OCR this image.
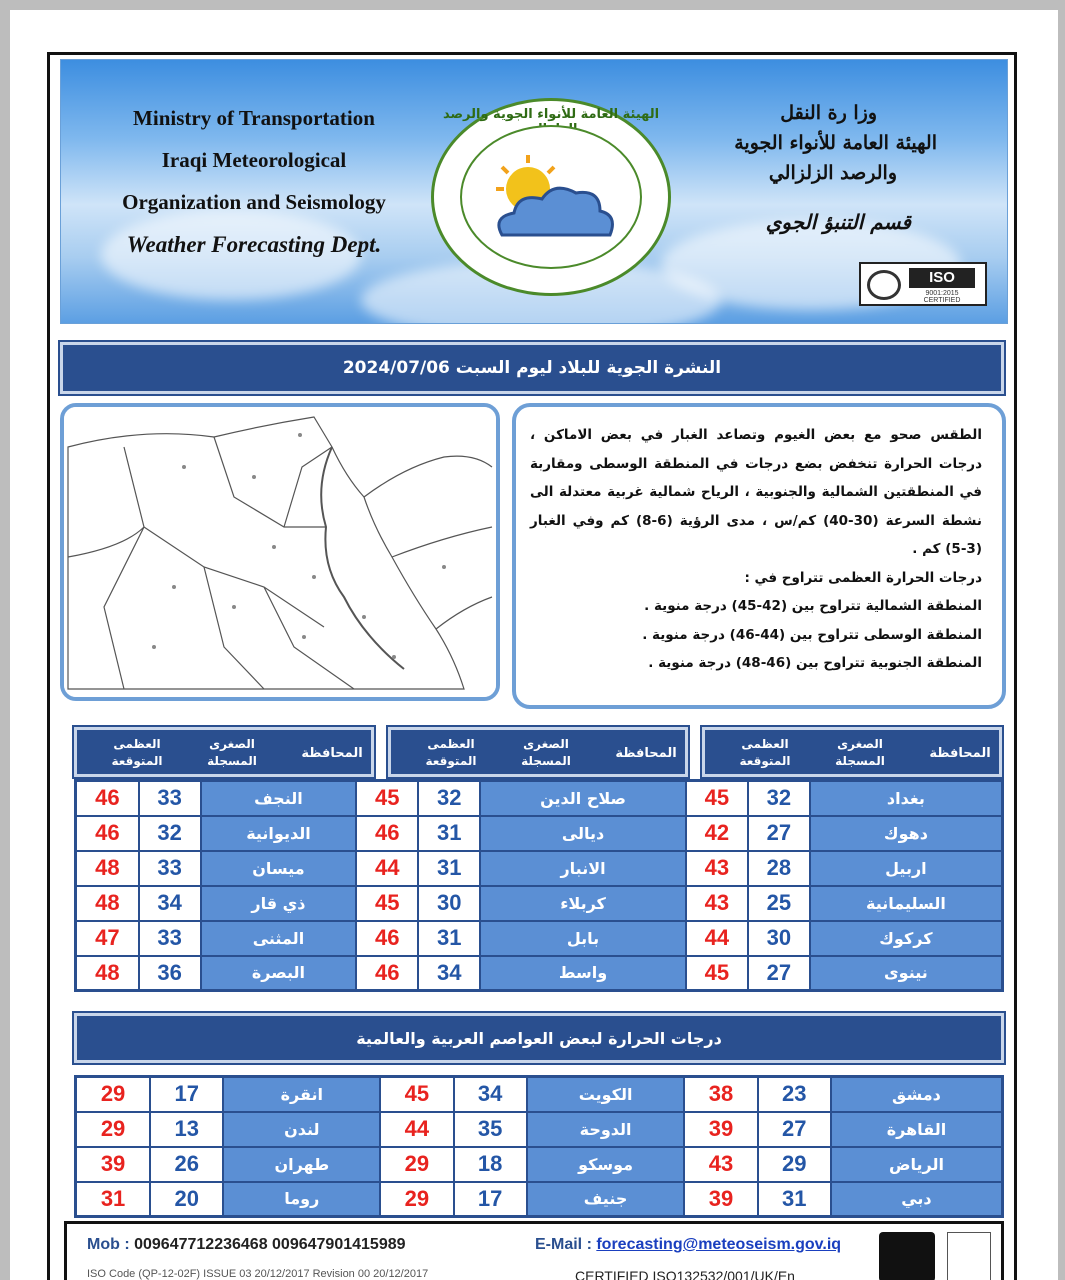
Ministry of Transportation
Iraqi Meteorological
Organization and Seismology
Weather Forecasting Dept.
الهيئة العامة للأنواء الجوية والرصد	وزا رة النقل
الهيئة العامة للأنواء الجوية
والرصد الزلزالي
قسم التنبؤ الجوي
ISO
9001:2015 CERTIFIED
النشرة الجوية للبلاد ليوم السبت 2024/07/06

الطقس صحو مع بعض الغيوم وتصاعد الغبار في بعض الاماكن ، درجات الحرارة تنخفض بضع درجات في المنطقة الوسطى ومقاربة في المنطقتين الشمالية والجنوبية ، الرياح شمالية غربية معتدلة الى نشطة السرعة (30-40) كم/س ، مدى الرؤية (6-8) كم وفي الغبار (3-5) كم .

درجات الحرارة العظمى تتراوح في :
المنطقة الشمالية تتراوح بين (42-45) درجة منوية .
المنطقة الوسطى تتراوح بين (44-46) درجة منوية .
المنطقة الجنوبية تتراوح بين (46-48) درجة منوية .
العظمى
المتوقعة
الصغرى
المسجلة	المحافظة
العظمى
المتوقعة
الصغرى
المسجلة	المحافظة
العظمى
المتوقعة
الصغرى
المسجلة	المحافظة
46	33	النجف	45	32	صلاح الدين	45	32	بغداد
46	32	الديوانية	46	31	ديالى	42	27	دهوك
48	33	ميسان	44	31	الانبار	43	28	اربيل
48	34	ذي قار	45	30	كربلاء	43	25	السليمانية
47	33	المثنى	46	31	بابل	44	30	كركوك
48	36	البصرة	46	34	واسط	45	27	نينوى
درجات الحرارة لبعض العواصم العربية والعالمية
29	17	انقرة	45	34	الكويت	38	23	دمشق
29	13	لندن	44	35	الدوحة	39	27	القاهرة
39	26	طهران	29	18	موسكو	43	29	الرياض
31	20	روما	29	17	جنيف	39	31	دبي
Mob : 009647712236468 009647901415989	E-Mail : forecasting@meteoseism.gov.iq
ISO Code (QP-12-02F) ISSUE 03 20/12/2017 Revision 00 20/12/2017	CERTIFIED ISO132532/001/UK/En
